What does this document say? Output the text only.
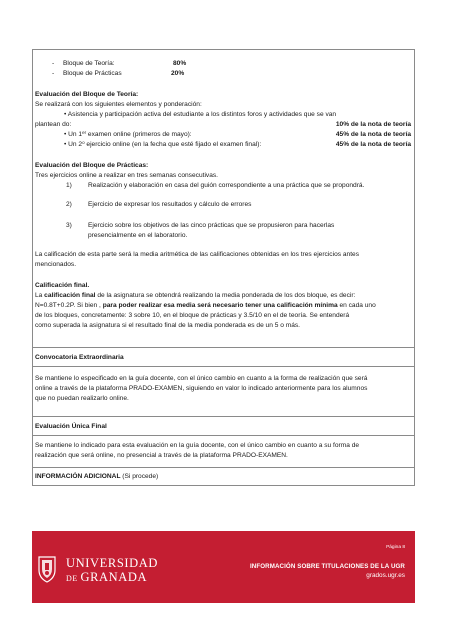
- Bloque de Teoría:	80%
- Bloque de Prácticas	20%
Evaluación del Bloque de Teoría:
Se realizará con los siguientes elementos y ponderación:
• Asistencia y participación activa del estudiante a los distintos foros y actividades que se van
plantean do:	10% de la nota de teoría
• Un 1er examen online (primeros de mayo):	45% de la nota de teoría
• Un 2$^o$ ejercicio online (en la fecha que esté fijado el examen final):	45% de la nota de teoría
Evaluación del Bloque de Prácticas:
Tres ejercicios online a realizar en tres semanas consecutivas.
1) Realización y elaboración en casa del guión correspondiente a una práctica que se propondrá.
2) Ejercicio de expresar los resultados y cálculo de errores
3) Ejercicio sobre los objetivos de las cinco prácticas que se propusieron para hacerlas
presencialmente en el laboratorio.
La calificación de esta parte será la media aritmética de las calificaciones obtenidas en los tres ejercicios antes
mencionados.
Calificación final.
La calificación final de la asignatura se obtendrá realizando la media ponderada de los dos bloque, es decir:
N=0.8T+0.2P. Si bien , para poder realizar esa media será necesario tener una calificación mínima en cada uno
de los bloques, concretamente: 3 sobre 10, en el bloque de prácticas y 3.5/10 en el de teoría. Se entenderá
como superada la asignatura si el resultado final de la media ponderada es de un 5 o más.
Convocatoria Extraordinaria
Se mantiene lo especificado en la guía docente, con el único cambio en cuanto a la forma de realización que será
online a través de la plataforma PRADO-EXAMEN, siguiendo en valor lo indicado anteriormente para los alumnos
que no puedan realizarlo online.
Evaluación Única Final
Se mantiene lo indicado para esta evaluación en la guía docente, con el único cambio en cuanto a su forma de
realización que será online, no presencial a través de la plataforma PRADO-EXAMEN.
INFORMACIÓN ADICIONAL (Si procede)
Página 8
UNIVERSIDAD
DE GRANADA
INFORMACIÓN SOBRE TITULACIONES DE LA UGR
grados.ugr.es
